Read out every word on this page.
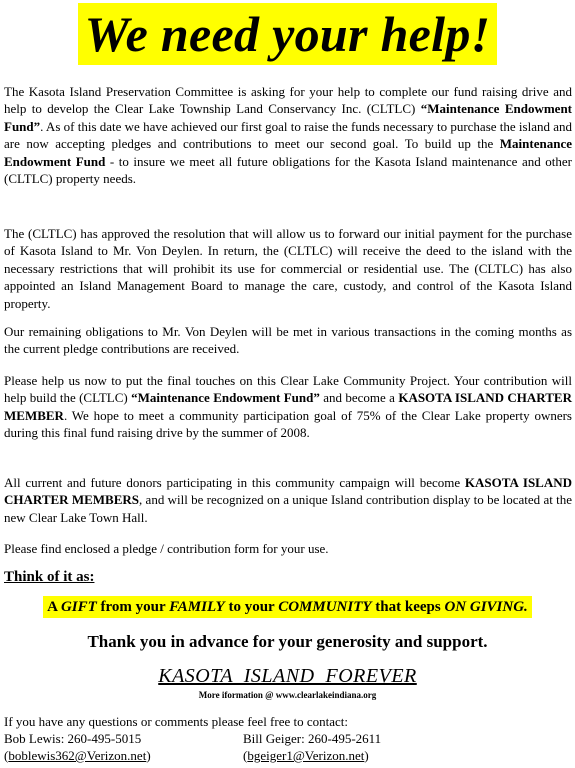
We need your help!

The Kasota Island Preservation Committee is asking for your help to complete our fund raising drive and help to develop the Clear Lake Township Land Conservancy Inc. (CLTLC) “Maintenance Endowment Fund”. As of this date we have achieved our first goal to raise the funds necessary to purchase the island and are now accepting pledges and contributions to meet our second goal. To build up the Maintenance Endowment Fund - to insure we meet all future obligations for the Kasota Island maintenance and other (CLTLC) property needs.

The (CLTLC) has approved the resolution that will allow us to forward our initial payment for the purchase of Kasota Island to Mr. Von Deylen. In return, the (CLTLC) will receive the deed to the island with the necessary restrictions that will prohibit its use for commercial or residential use. The (CLTLC) has also appointed an Island Management Board to manage the care, custody, and control of the Kasota Island property.

Our remaining obligations to Mr. Von Deylen will be met in various transactions in the coming months as the current pledge contributions are received.

Please help us now to put the final touches on this Clear Lake Community Project. Your contribution will help build the (CLTLC) “Maintenance Endowment Fund” and become a KASOTA ISLAND CHARTER MEMBER. We hope to meet a community participation goal of 75% of the Clear Lake property owners during this final fund raising drive by the summer of 2008.

All current and future donors participating in this community campaign will become KASOTA ISLAND CHARTER MEMBERS, and will be recognized on a unique Island contribution display to be located at the new Clear Lake Town Hall.

Please find enclosed a pledge / contribution form for your use.

Think of it as:
A GIFT from your FAMILY to your COMMUNITY that keeps ON GIVING.
Thank you in advance for your generosity and support.
KASOTA  ISLAND  FOREVER
More iformation @ www.clearlakeindiana.org
If you have any questions or comments please feel free to contact:
Bob Lewis: 260-495-5015	Bill Geiger: 260-495-2611
(boblewis362@Verizon.net)	(bgeiger1@Verizon.net)
